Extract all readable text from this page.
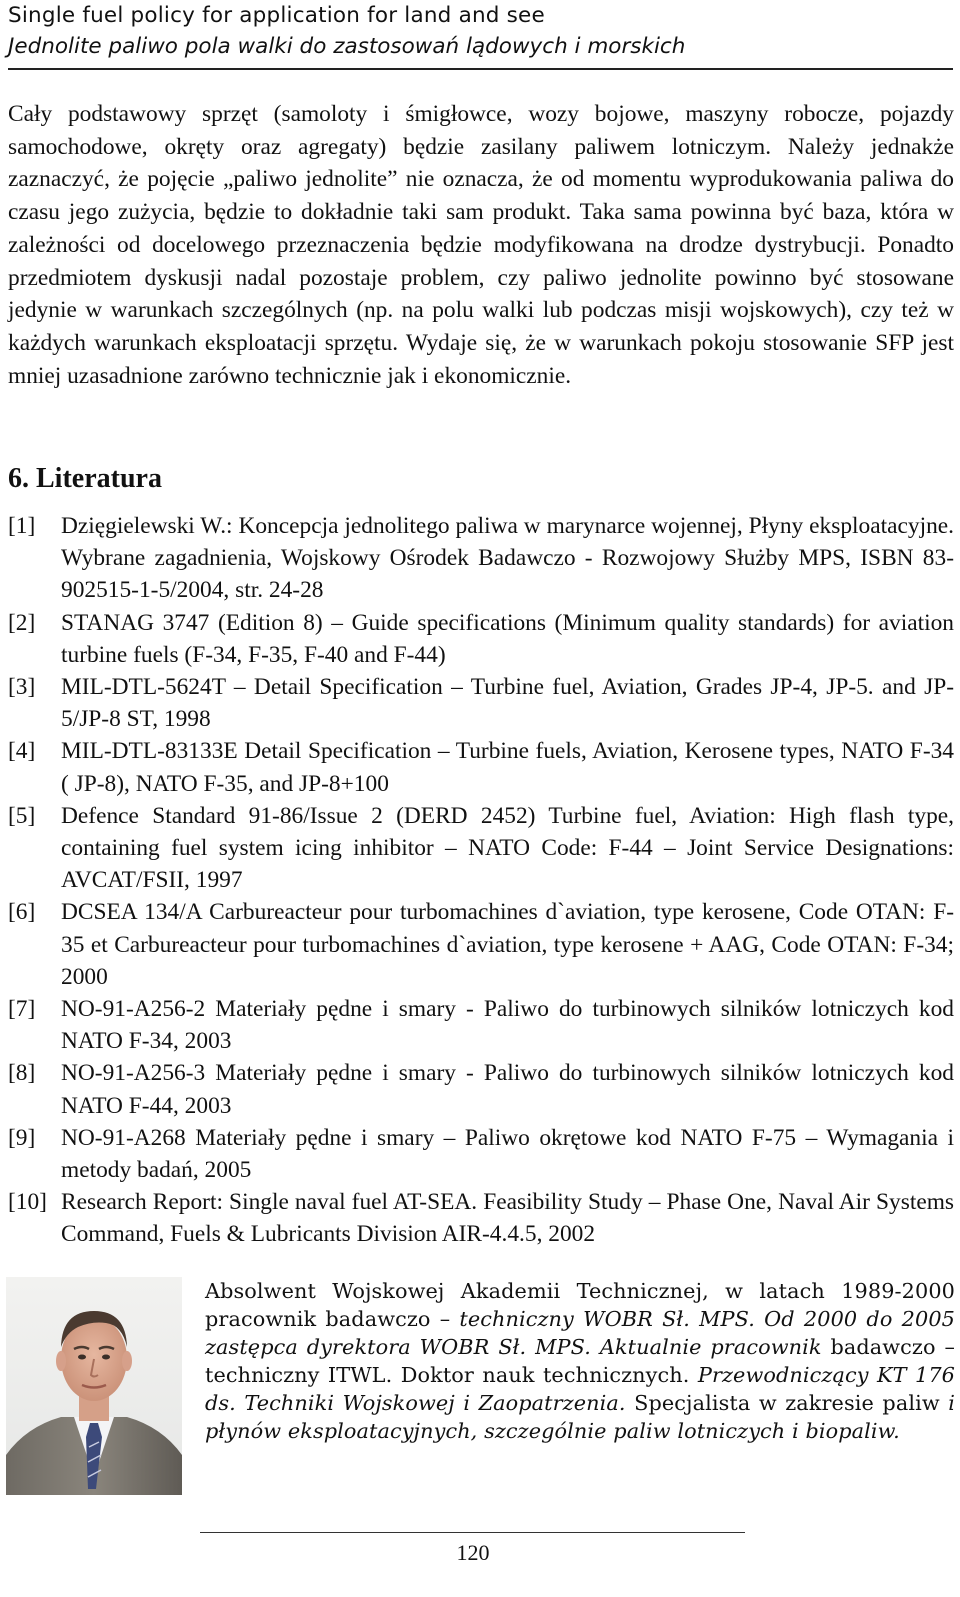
Single fuel policy for application for land and see
Jednolite paliwo pola walki do zastosowań lądowych i morskich

Cały podstawowy sprzęt (samoloty i śmigłowce, wozy bojowe, maszyny robocze, pojazdy samochodowe, okręty oraz agregaty) będzie zasilany paliwem lotniczym. Należy jednakże zaznaczyć, że pojęcie „paliwo jednolite” nie oznacza, że od momentu wyprodukowania paliwa do czasu jego zużycia, będzie to dokładnie taki sam produkt. Taka sama powinna być baza, która w zależności od docelowego przeznaczenia będzie modyfikowana na drodze dystrybucji. Ponadto przedmiotem dyskusji nadal pozostaje problem, czy paliwo jednolite powinno być stosowane jedynie w warunkach szczególnych (np. na polu walki lub podczas misji wojskowych), czy też w każdych warunkach eksploatacji sprzętu. Wydaje się, że w warunkach pokoju stosowanie SFP jest mniej uzasadnione zarówno technicznie jak i ekonomicznie.

6. Literatura
[1] Dzięgielewski W.: Koncepcja jednolitego paliwa w marynarce wojennej, Płyny eksploatacyjne. Wybrane zagadnienia, Wojskowy Ośrodek Badawczo - Rozwojowy Służby MPS, ISBN 83-902515-1-5/2004, str. 24-28
[2] STANAG 3747 (Edition 8) – Guide specifications (Minimum quality standards) for aviation turbine fuels (F-34, F-35, F-40 and F-44)
[3] MIL-DTL-5624T – Detail Specification – Turbine fuel, Aviation, Grades JP-4, JP-5. and JP-5/JP-8 ST, 1998
[4] MIL-DTL-83133E Detail Specification – Turbine fuels, Aviation, Kerosene types, NATO F-34 ( JP-8), NATO F-35, and JP-8+100
[5] Defence Standard 91-86/Issue 2 (DERD 2452) Turbine fuel, Aviation: High flash type, containing fuel system icing inhibitor – NATO Code: F-44 – Joint Service Designations: AVCAT/FSII, 1997
[6] DCSEA 134/A Carbureacteur pour turbomachines d`aviation, type kerosene, Code OTAN: F-35 et Carbureacteur pour turbomachines d`aviation, type kerosene + AAG, Code OTAN: F-34; 2000
[7] NO-91-A256-2 Materiały pędne i smary - Paliwo do turbinowych silników lotniczych kod NATO F-34, 2003
[8] NO-91-A256-3 Materiały pędne i smary - Paliwo do turbinowych silników lotniczych kod NATO F-44, 2003
[9] NO-91-A268 Materiały pędne i smary – Paliwo okrętowe kod NATO F-75 – Wymagania i metody badań, 2005
[10] Research Report: Single naval fuel AT-SEA. Feasibility Study – Phase One, Naval Air Systems Command, Fuels & Lubricants Division AIR-4.4.5, 2002

Absolwent Wojskowej Akademii Technicznej, w latach 1989-2000 pracownik badawczo – techniczny WOBR Sł. MPS. Od 2000 do 2005 zastępca dyrektora WOBR Sł. MPS. Aktualnie pracownik badawczo – techniczny ITWL. Doktor nauk technicznych. Przewodniczący KT 176 ds. Techniki Wojskowej i Zaopatrzenia. Specjalista w zakresie paliw i płynów eksploatacyjnych, szczególnie paliw lotniczych i biopaliw.

120
